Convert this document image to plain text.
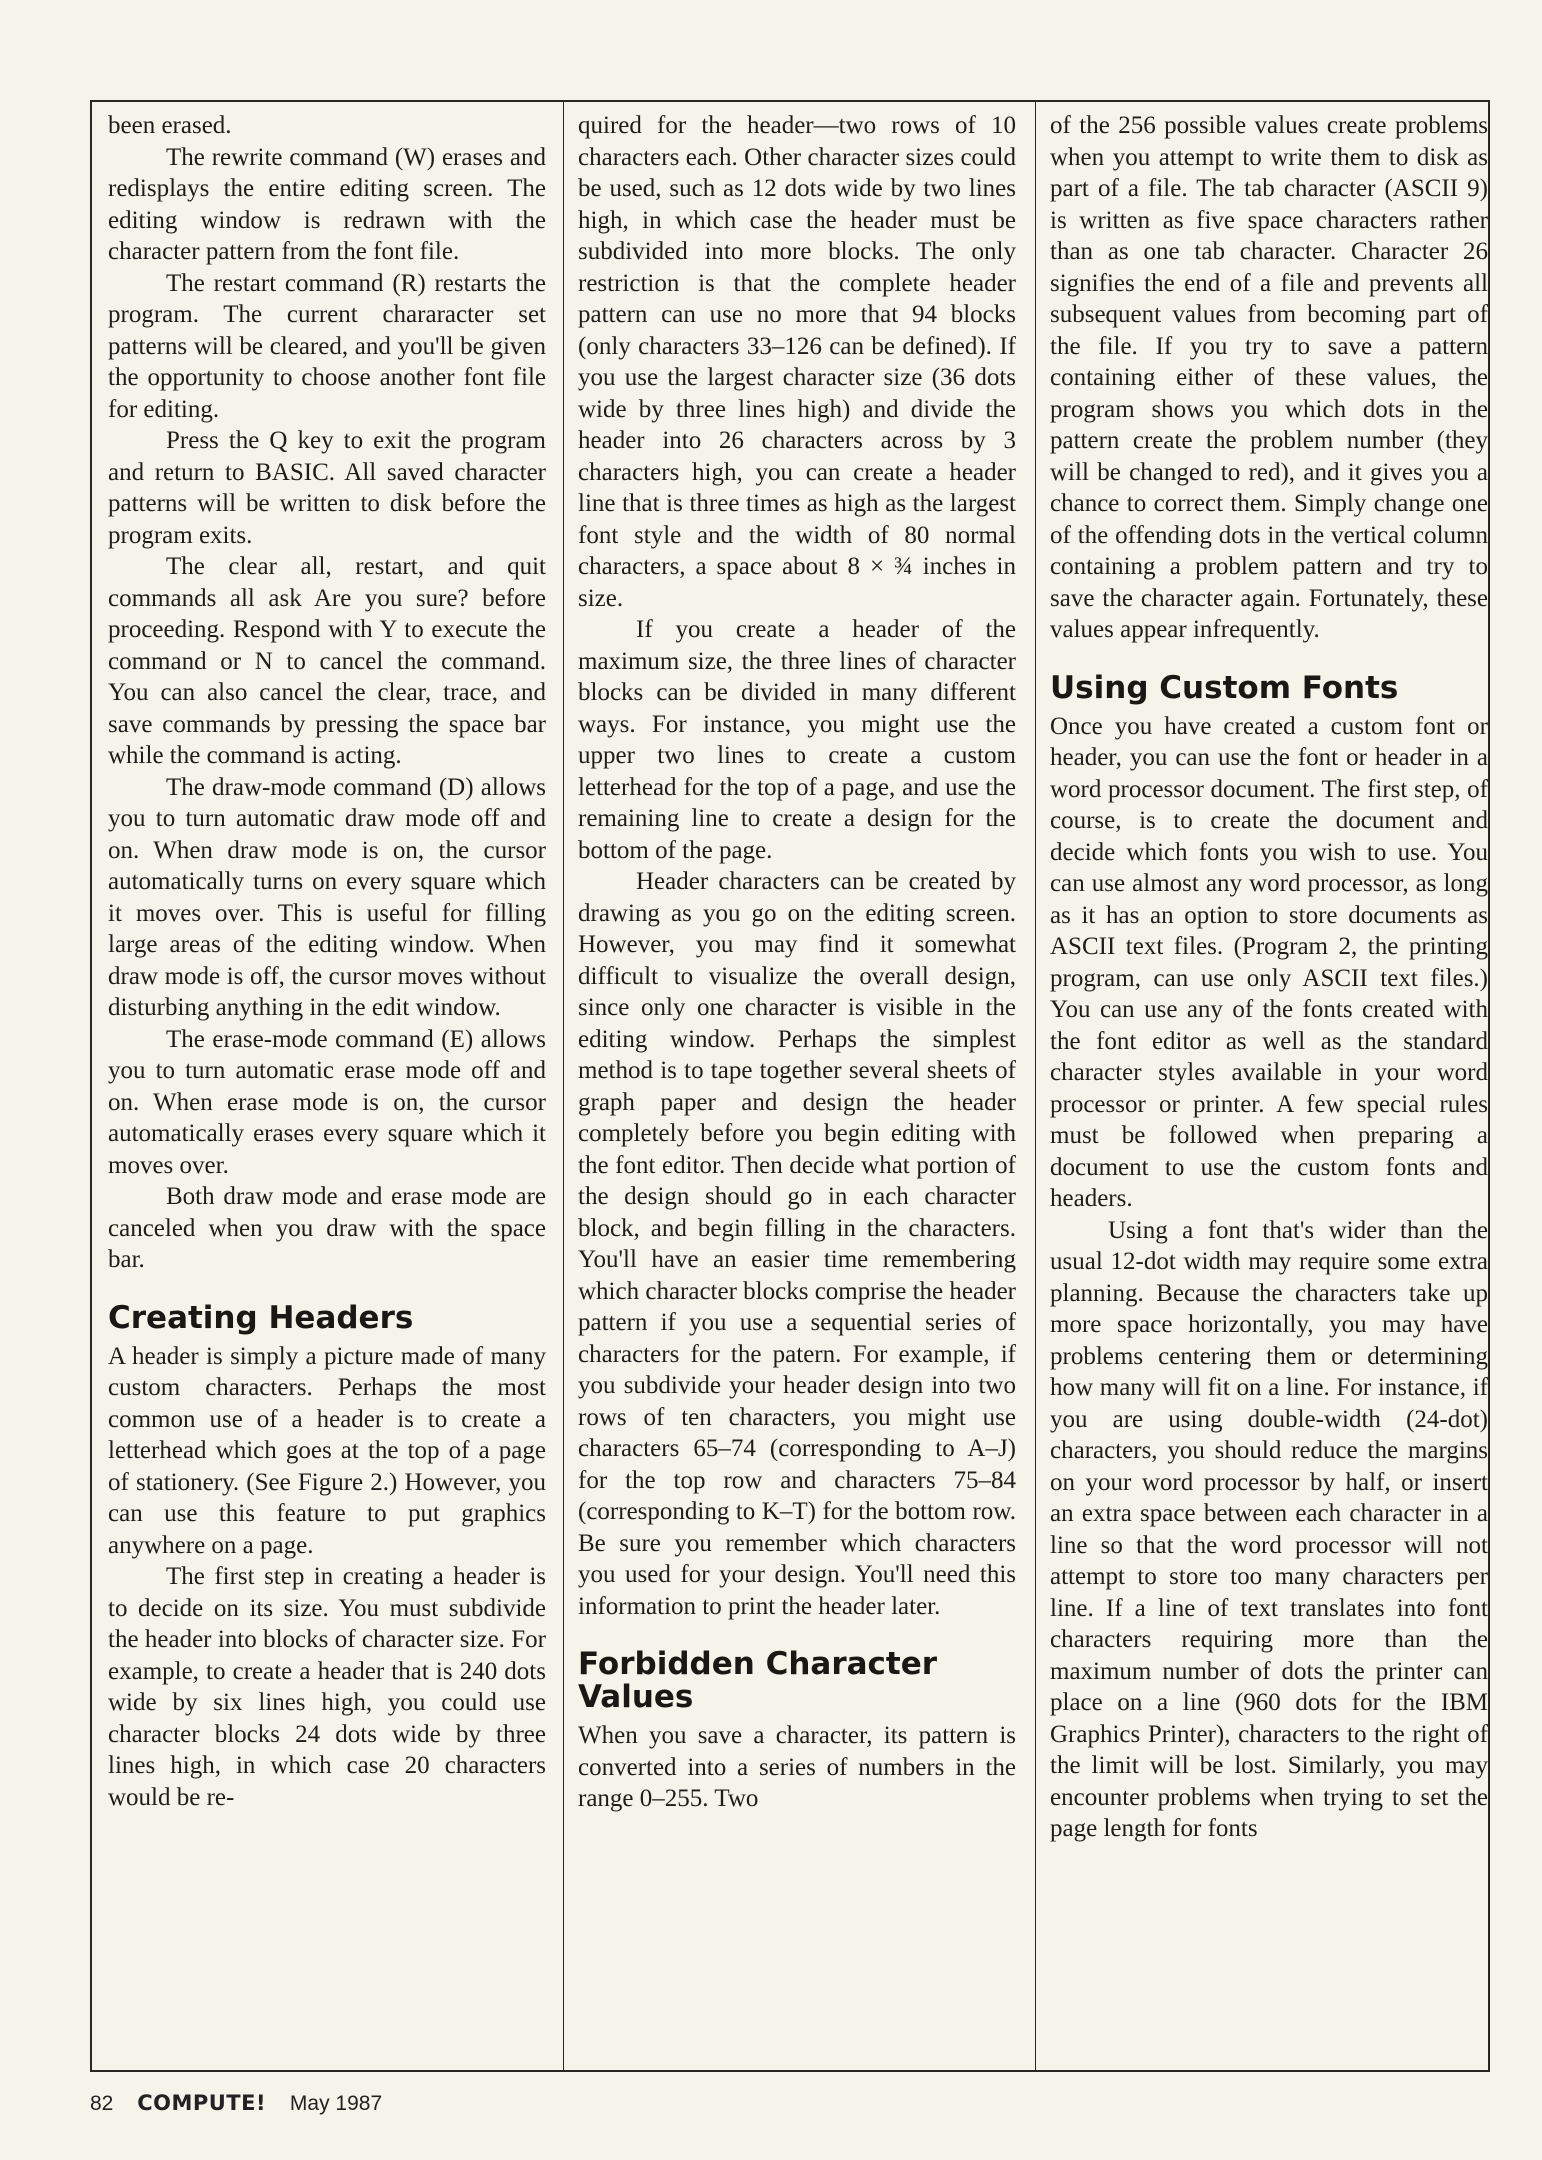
been erased.

The rewrite command (W) erases and redisplays the entire editing screen. The editing window is redrawn with the character pattern from the font file.

The restart command (R) restarts the program. The current chararacter set patterns will be cleared, and you'll be given the opportunity to choose another font file for editing.

Press the Q key to exit the program and return to BASIC. All saved character patterns will be written to disk before the program exits.

The clear all, restart, and quit commands all ask Are you sure? before proceeding. Respond with Y to execute the command or N to cancel the command. You can also cancel the clear, trace, and save commands by pressing the space bar while the command is acting.

The draw-mode command (D) allows you to turn automatic draw mode off and on. When draw mode is on, the cursor automatically turns on every square which it moves over. This is useful for filling large areas of the editing window. When draw mode is off, the cursor moves without disturbing anything in the edit window.

The erase-mode command (E) allows you to turn automatic erase mode off and on. When erase mode is on, the cursor automatically erases every square which it moves over.

Both draw mode and erase mode are canceled when you draw with the space bar.

Creating Headers

A header is simply a picture made of many custom characters. Perhaps the most common use of a header is to create a letterhead which goes at the top of a page of stationery. (See Figure 2.) However, you can use this feature to put graphics anywhere on a page.

The first step in creating a header is to decide on its size. You must subdivide the header into blocks of character size. For example, to create a header that is 240 dots wide by six lines high, you could use character blocks 24 dots wide by three lines high, in which case 20 characters would be re-

quired for the header—two rows of 10 characters each. Other character sizes could be used, such as 12 dots wide by two lines high, in which case the header must be subdivided into more blocks. The only restriction is that the complete header pattern can use no more that 94 blocks (only characters 33–126 can be defined). If you use the largest character size (36 dots wide by three lines high) and divide the header into 26 characters across by 3 characters high, you can create a header line that is three times as high as the largest font style and the width of 80 normal characters, a space about 8 × ¾ inches in size.

If you create a header of the maximum size, the three lines of character blocks can be divided in many different ways. For instance, you might use the upper two lines to create a custom letterhead for the top of a page, and use the remaining line to create a design for the bottom of the page.

Header characters can be created by drawing as you go on the editing screen. However, you may find it somewhat difficult to visualize the overall design, since only one character is visible in the editing window. Perhaps the simplest method is to tape together several sheets of graph paper and design the header completely before you begin editing with the font editor. Then decide what portion of the design should go in each character block, and begin filling in the characters. You'll have an easier time remembering which character blocks comprise the header pattern if you use a sequential series of characters for the patern. For example, if you subdivide your header design into two rows of ten characters, you might use characters 65–74 (corresponding to A–J) for the top row and characters 75–84 (corresponding to K–T) for the bottom row. Be sure you remember which characters you used for your design. You'll need this information to print the header later.

Forbidden Character Values

When you save a character, its pattern is converted into a series of numbers in the range 0–255. Two

of the 256 possible values create problems when you attempt to write them to disk as part of a file. The tab character (ASCII 9) is written as five space characters rather than as one tab character. Character 26 signifies the end of a file and prevents all subsequent values from becoming part of the file. If you try to save a pattern containing either of these values, the program shows you which dots in the pattern create the problem number (they will be changed to red), and it gives you a chance to correct them. Simply change one of the offending dots in the vertical column containing a problem pattern and try to save the character again. Fortunately, these values appear infrequently.

Using Custom Fonts

Once you have created a custom font or header, you can use the font or header in a word processor document. The first step, of course, is to create the document and decide which fonts you wish to use. You can use almost any word processor, as long as it has an option to store documents as ASCII text files. (Program 2, the printing program, can use only ASCII text files.) You can use any of the fonts created with the font editor as well as the standard character styles available in your word processor or printer. A few special rules must be followed when preparing a document to use the custom fonts and headers.

Using a font that's wider than the usual 12-dot width may require some extra planning. Because the characters take up more space horizontally, you may have problems centering them or determining how many will fit on a line. For instance, if you are using double-width (24-dot) characters, you should reduce the margins on your word processor by half, or insert an extra space between each character in a line so that the word processor will not attempt to store too many characters per line. If a line of text translates into font characters requiring more than the maximum number of dots the printer can place on a line (960 dots for the IBM Graphics Printer), characters to the right of the limit will be lost. Similarly, you may encounter problems when trying to set the page length for fonts

82 COMPUTE! May 1987
